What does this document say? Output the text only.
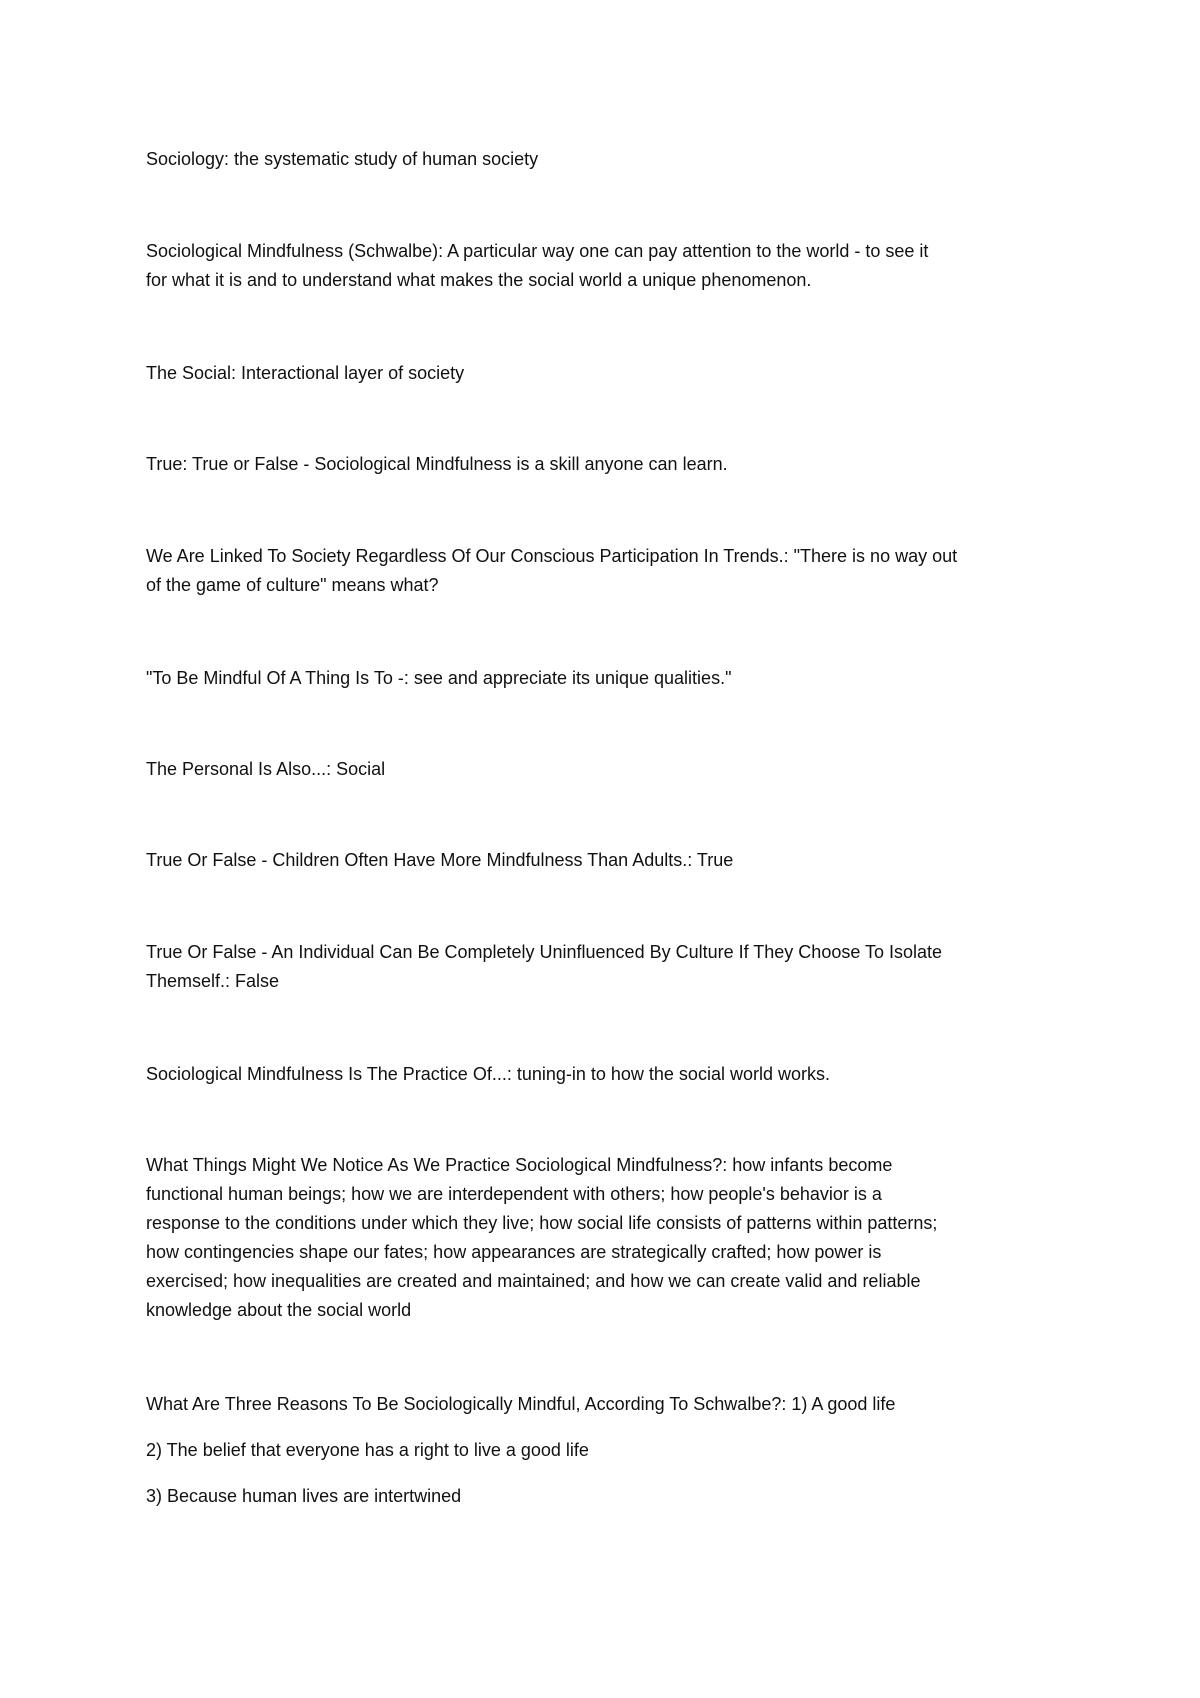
Sociology: the systematic study of human society

Sociological Mindfulness (Schwalbe): A particular way one can pay attention to the world - to see it
for what it is and to understand what makes the social world a unique phenomenon.

The Social: Interactional layer of society

True: True or False - Sociological Mindfulness is a skill anyone can learn.

We Are Linked To Society Regardless Of Our Conscious Participation In Trends.: "There is no way out
of the game of culture" means what?

"To Be Mindful Of A Thing Is To -: see and appreciate its unique qualities."

The Personal Is Also...: Social

True Or False - Children Often Have More Mindfulness Than Adults.: True

True Or False - An Individual Can Be Completely Uninfluenced By Culture If They Choose To Isolate
Themself.: False

Sociological Mindfulness Is The Practice Of...: tuning-in to how the social world works.

What Things Might We Notice As We Practice Sociological Mindfulness?: how infants become
functional human beings; how we are interdependent with others; how people's behavior is a
response to the conditions under which they live; how social life consists of patterns within patterns;
how contingencies shape our fates; how appearances are strategically crafted; how power is
exercised; how inequalities are created and maintained; and how we can create valid and reliable
knowledge about the social world

What Are Three Reasons To Be Sociologically Mindful, According To Schwalbe?: 1) A good life

2) The belief that everyone has a right to live a good life

3) Because human lives are intertwined
